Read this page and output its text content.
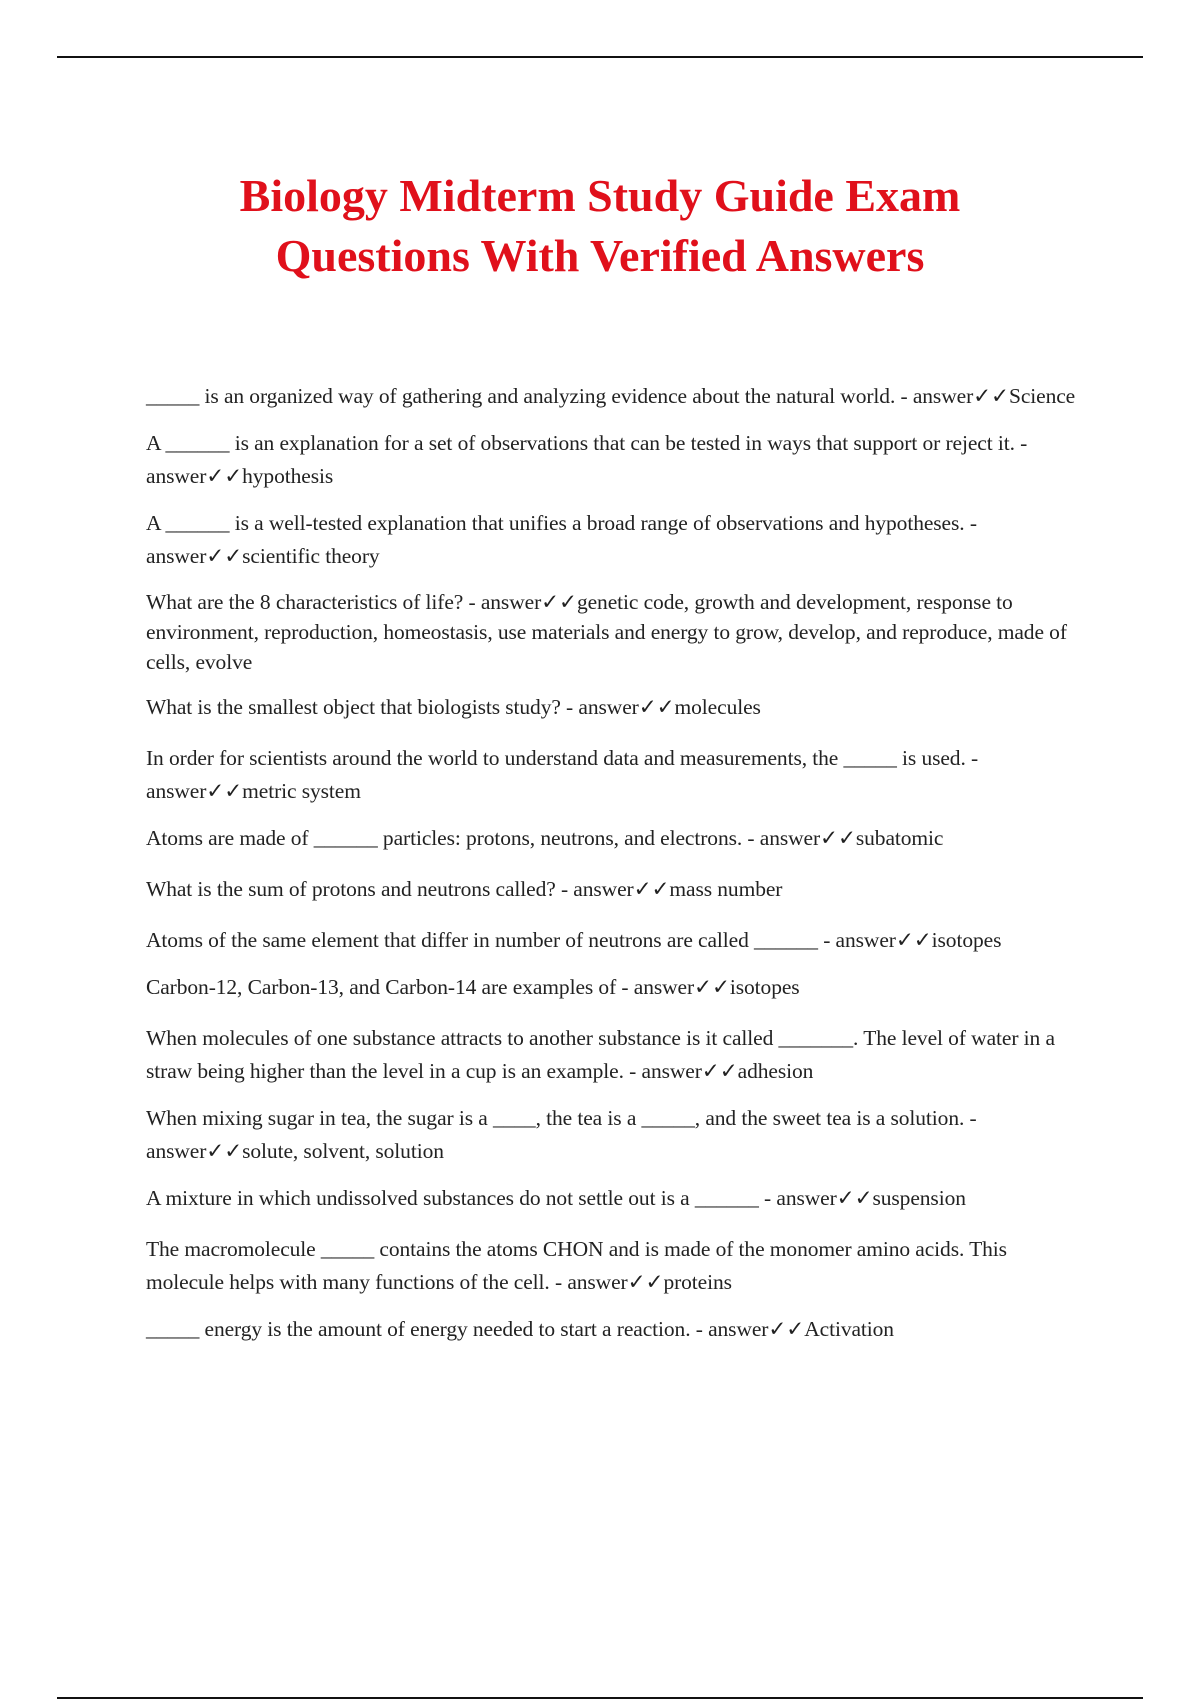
Biology Midterm Study Guide Exam
Questions With Verified Answers

_____ is an organized way of gathering and analyzing evidence about the natural world. - answer✓✓Science

A ______ is an explanation for a set of observations that can be tested in ways that support or reject it. - answer✓✓hypothesis

A ______ is a well-tested explanation that unifies a broad range of observations and hypotheses. - answer✓✓scientific theory

What are the 8 characteristics of life? - answer✓✓genetic code, growth and development, response to environment, reproduction, homeostasis, use materials and energy to grow, develop, and reproduce, made of cells, evolve

What is the smallest object that biologists study? - answer✓✓molecules

In order for scientists around the world to understand data and measurements, the _____ is used. - answer✓✓metric system

Atoms are made of ______ particles: protons, neutrons, and electrons. - answer✓✓subatomic

What is the sum of protons and neutrons called? - answer✓✓mass number

Atoms of the same element that differ in number of neutrons are called ______ - answer✓✓isotopes

Carbon-12, Carbon-13, and Carbon-14 are examples of - answer✓✓isotopes

When molecules of one substance attracts to another substance is it called _______. The level of water in a straw being higher than the level in a cup is an example. - answer✓✓adhesion

When mixing sugar in tea, the sugar is a ____, the tea is a _____, and the sweet tea is a solution. - answer✓✓solute, solvent, solution

A mixture in which undissolved substances do not settle out is a ______ - answer✓✓suspension

The macromolecule _____ contains the atoms CHON and is made of the monomer amino acids. This molecule helps with many functions of the cell. - answer✓✓proteins

_____ energy is the amount of energy needed to start a reaction. - answer✓✓Activation
